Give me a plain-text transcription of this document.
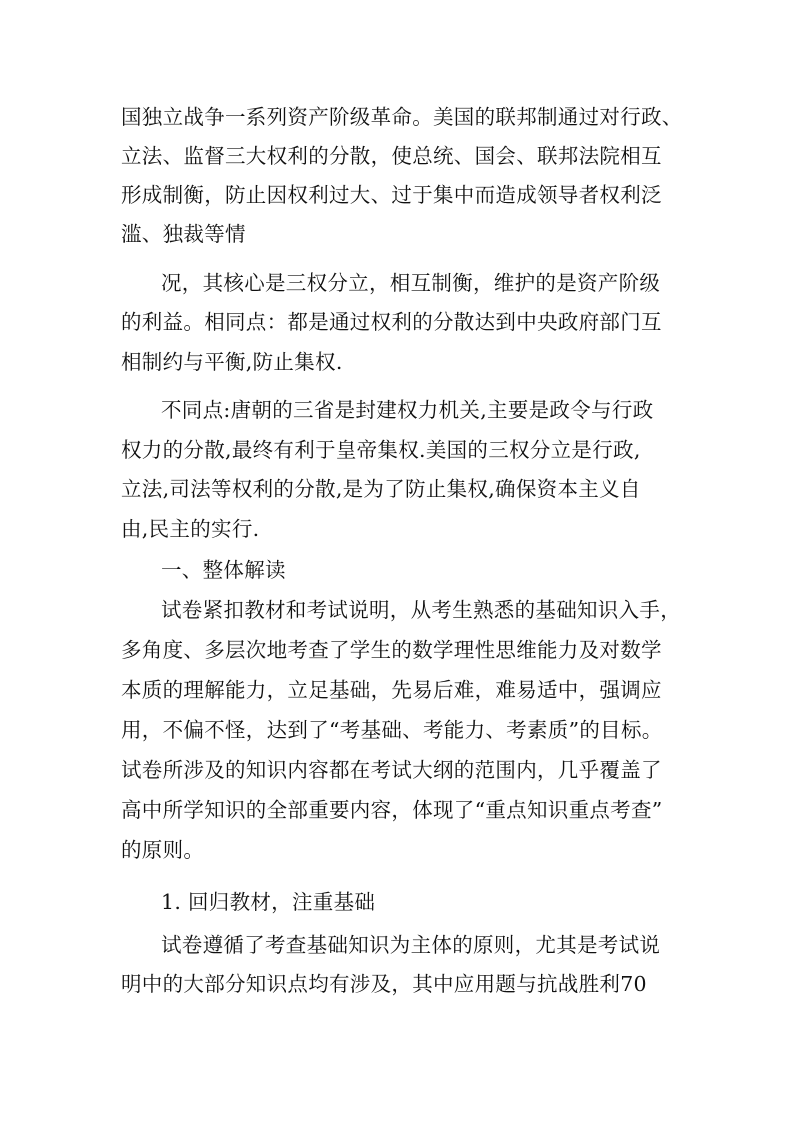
国独立战争一系列资产阶级革命。美国的联邦制通过对行政、
立法、监督三大权利的分散，使总统、国会、联邦法院相互
形成制衡，防止因权利过大、过于集中而造成领导者权利泛
滥、独裁等情
况，其核心是三权分立，相互制衡，维护的是资产阶级
的利益。相同点：都是通过权利的分散达到中央政府部门互
相制约与平衡,防止集权.
不同点:唐朝的三省是封建权力机关,主要是政令与行政
权力的分散,最终有利于皇帝集权.美国的三权分立是行政,
立法,司法等权利的分散,是为了防止集权,确保资本主义自
由,民主的实行.
一、整体解读
试卷紧扣教材和考试说明，从考生熟悉的基础知识入手，
多角度、多层次地考查了学生的数学理性思维能力及对数学
本质的理解能力，立足基础，先易后难，难易适中，强调应
用，不偏不怪，达到了“考基础、考能力、考素质”的目标。
试卷所涉及的知识内容都在考试大纲的范围内，几乎覆盖了
高中所学知识的全部重要内容，体现了“重点知识重点考查”
的原则。
1. 回归教材，注重基础
试卷遵循了考查基础知识为主体的原则，尤其是考试说
明中的大部分知识点均有涉及，其中应用题与抗战胜利70
